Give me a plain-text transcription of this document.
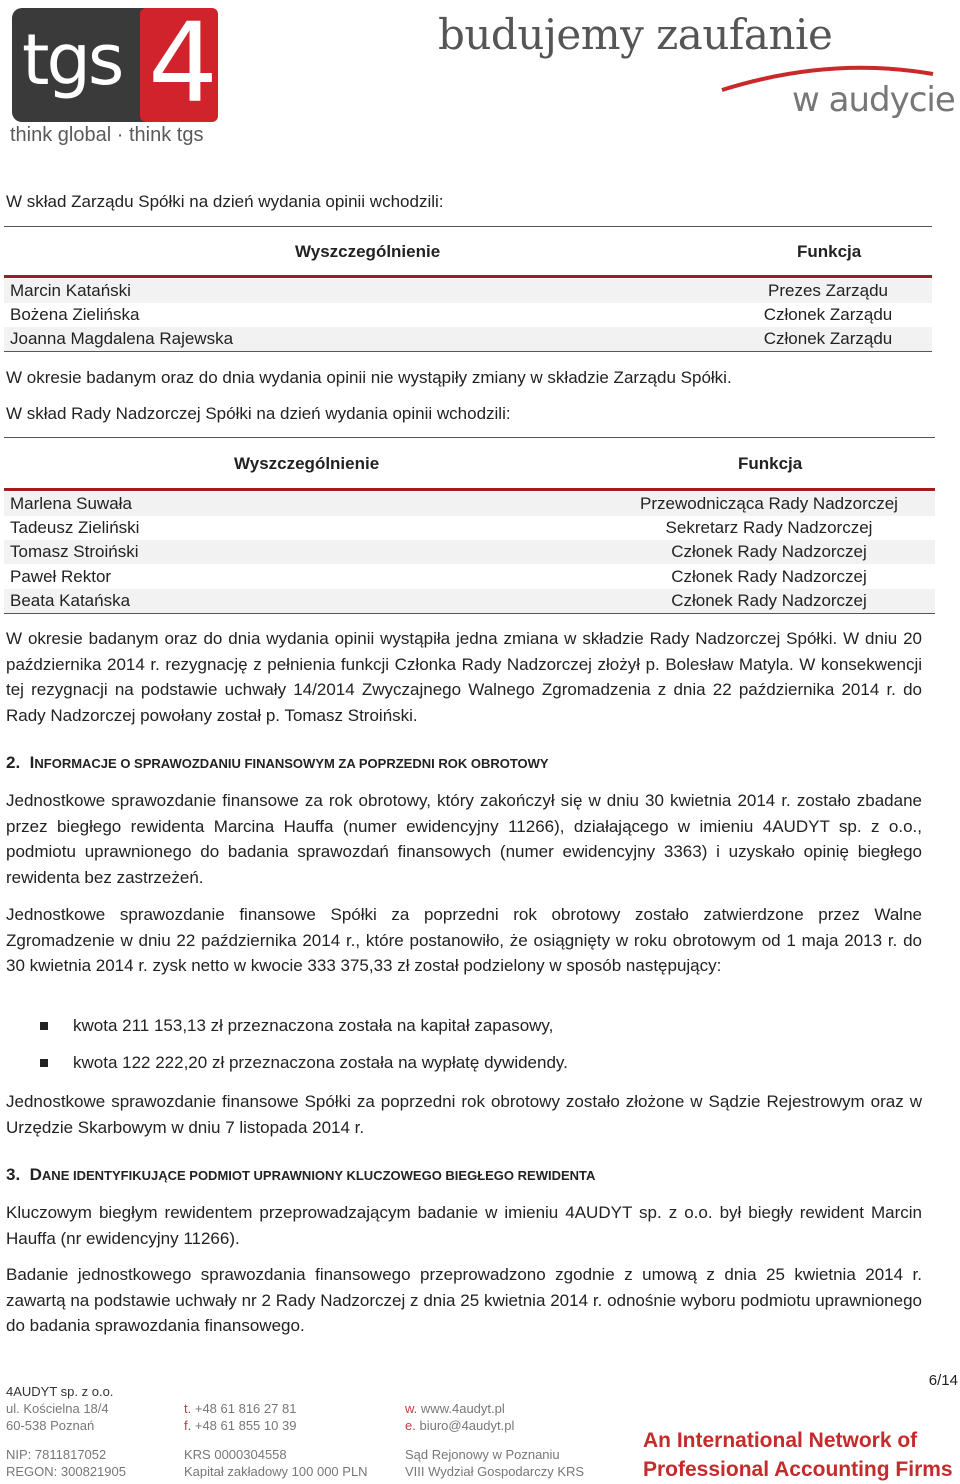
tgs 4
think global · think tgs
budujemy zaufanie
w audycie
W skład Zarządu Spółki na dzień wydania opinii wchodzili:
Wyszczególnienie	Funkcja
Marcin Katański	Prezes Zarządu
Bożena Zielińska	Członek Zarządu
Joanna Magdalena Rajewska	Członek Zarządu
W okresie badanym oraz do dnia wydania opinii nie wystąpiły zmiany w składzie Zarządu Spółki.
W skład Rady Nadzorczej Spółki na dzień wydania opinii wchodzili:
Wyszczególnienie	Funkcja
Marlena Suwała	Przewodnicząca Rady Nadzorczej
Tadeusz Zieliński	Sekretarz Rady Nadzorczej
Tomasz Stroiński	Członek Rady Nadzorczej
Paweł Rektor	Członek Rady Nadzorczej
Beata Katańska	Członek Rady Nadzorczej
W okresie badanym oraz do dnia wydania opinii wystąpiła jedna zmiana w składzie Rady Nadzorczej Spółki. W dniu 20 października 2014 r. rezygnację z pełnienia funkcji Członka Rady Nadzorczej złożył p. Bolesław Matyla. W konsekwencji tej rezygnacji na podstawie uchwały 14/2014 Zwyczajnego Walnego Zgromadzenia z dnia 22 października 2014 r. do Rady Nadzorczej powołany został p. Tomasz Stroiński.
2. INFORMACJE O SPRAWOZDANIU FINANSOWYM ZA POPRZEDNI ROK OBROTOWY
Jednostkowe sprawozdanie finansowe za rok obrotowy, który zakończył się w dniu 30 kwietnia 2014 r. zostało zbadane przez biegłego rewidenta Marcina Hauffa (numer ewidencyjny 11266), działającego w imieniu 4AUDYT sp. z o.o., podmiotu uprawnionego do badania sprawozdań finansowych (numer ewidencyjny 3363) i uzyskało opinię biegłego rewidenta bez zastrzeżeń.
Jednostkowe sprawozdanie finansowe Spółki za poprzedni rok obrotowy zostało zatwierdzone przez Walne Zgromadzenie w dniu 22 października 2014 r., które postanowiło, że osiągnięty w roku obrotowym od 1 maja 2013 r. do 30 kwietnia 2014 r. zysk netto w kwocie 333 375,33 zł został podzielony w sposób następujący:
kwota 211 153,13 zł przeznaczona została na kapitał zapasowy,
kwota 122 222,20 zł przeznaczona została na wypłatę dywidendy.
Jednostkowe sprawozdanie finansowe Spółki za poprzedni rok obrotowy zostało złożone w Sądzie Rejestrowym oraz w Urzędzie Skarbowym w dniu 7 listopada 2014 r.
3. DANE IDENTYFIKUJĄCE PODMIOT UPRAWNIONY KLUCZOWEGO BIEGŁEGO REWIDENTA
Kluczowym biegłym rewidentem przeprowadzającym badanie w imieniu 4AUDYT sp. z o.o. był biegły rewident Marcin Hauffa (nr ewidencyjny 11266).
Badanie jednostkowego sprawozdania finansowego przeprowadzono zgodnie z umową z dnia 25 kwietnia 2014 r. zawartą na podstawie uchwały nr 2 Rady Nadzorczej z dnia 25 kwietnia 2014 r. odnośnie wyboru podmiotu uprawnionego do badania sprawozdania finansowego.
6/14
4AUDYT sp. z o.o.
ul. Kościelna 18/4
60-538 Poznań
NIP: 7811817052
REGON: 300821905
t. +48 61 816 27 81
f. +48 61 855 10 39
KRS 0000304558
Kapitał zakładowy 100 000 PLN
w. www.4audyt.pl
e. biuro@4audyt.pl
Sąd Rejonowy w Poznaniu
VIII Wydział Gospodarczy KRS
An International Network of
Professional Accounting Firms
